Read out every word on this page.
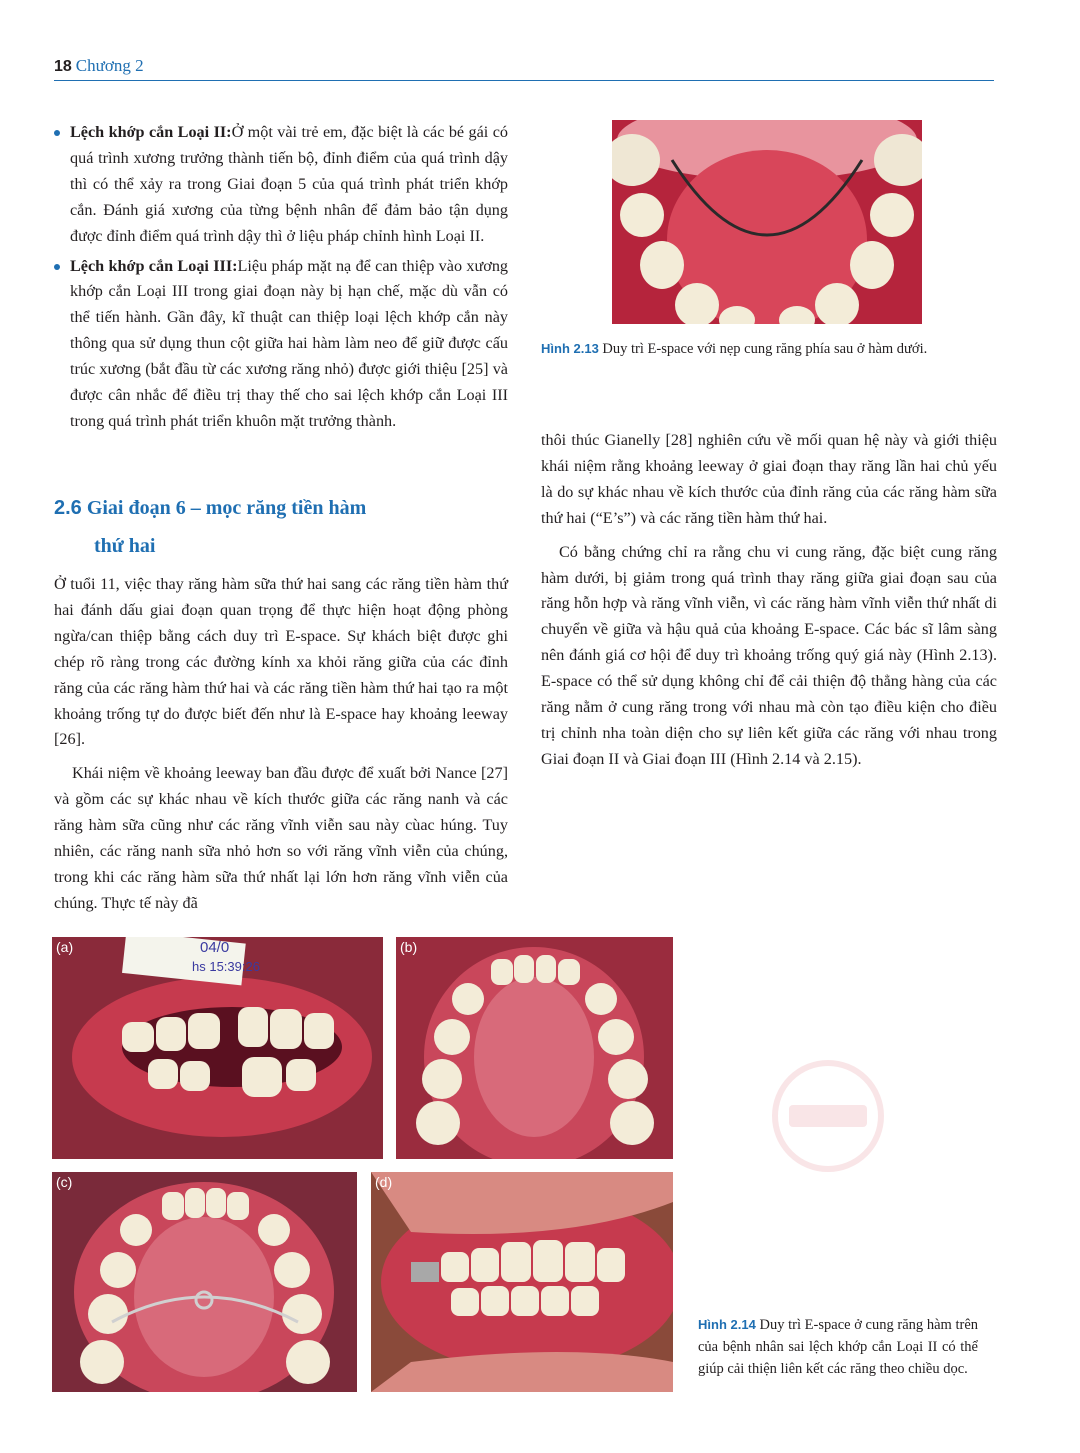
18 Chương 2
Lệch khớp cắn Loại II:Ở một vài trẻ em, đặc biệt là các bé gái có quá trình xương trưởng thành tiến bộ, đỉnh điểm của quá trình dậy thì có thể xảy ra trong Giai đoạn 5 của quá trình phát triển khớp cắn. Đánh giá xương của từng bệnh nhân để đảm bảo tận dụng được đỉnh điểm quá trình dậy thì ở liệu pháp chỉnh hình Loại II.
Lệch khớp cắn Loại III:Liệu pháp mặt nạ để can thiệp vào xương khớp cắn Loại III trong giai đoạn này bị hạn chế, mặc dù vẫn có thể tiến hành. Gần đây, kĩ thuật can thiệp loại lệch khớp cắn này thông qua sử dụng thun cột giữa hai hàm làm neo để giữ được cấu trúc xương (bắt đầu từ các xương răng nhỏ) được giới thiệu [25] và được cân nhắc để điều trị thay thế cho sai lệch khớp cắn Loại III trong quá trình phát triển khuôn mặt trưởng thành.
2.6 Giai đoạn 6 – mọc răng tiền hàm
thứ hai

Ở tuổi 11, việc thay răng hàm sữa thứ hai sang các răng tiền hàm thứ hai đánh dấu giai đoạn quan trọng để thực hiện hoạt động phòng ngừa/can thiệp bằng cách duy trì E-space. Sự khách biệt được ghi chép rõ ràng trong các đường kính xa khỏi răng giữa của các đỉnh răng của các răng hàm thứ hai và các răng tiền hàm thứ hai tạo ra một khoảng trống tự do được biết đến như là E-space hay khoảng leeway [26].

Khái niệm về khoảng leeway ban đầu được để xuất bởi Nance [27] và gồm các sự khác nhau về kích thước giữa các răng nanh và các răng hàm sữa cũng như các răng vĩnh viễn sau này cùac húng. Tuy nhiên, các răng nanh sữa nhỏ hơn so với răng vĩnh viễn của chúng, trong khi các răng hàm sữa thứ nhất lại lớn hơn răng vĩnh viễn của chúng. Thực tế này đã

Hình 2.13 Duy trì E-space với nẹp cung răng phía sau ở hàm dưới.

thôi thúc Gianelly [28] nghiên cứu về mối quan hệ này và giới thiệu khái niệm rằng khoảng leeway ở giai đoạn thay răng lần hai chủ yếu là do sự khác nhau về kích thước của đỉnh răng của các răng hàm sữa thứ hai (“E’s”) và các răng tiền hàm thứ hai.

Có bằng chứng chỉ ra rằng chu vi cung răng, đặc biệt cung răng hàm dưới, bị giảm trong quá trình thay răng giữa giai đoạn sau của răng hỗn hợp và răng vĩnh viễn, vì các răng hàm vĩnh viễn thứ nhất di chuyển về giữa và hậu quả của khoảng E-space. Các bác sĩ lâm sàng nên đánh giá cơ hội để duy trì khoảng trống quý giá này (Hình 2.13). E-space có thể sử dụng không chỉ để cải thiện độ thẳng hàng của các răng nằm ở cung răng trong với nhau mà còn tạo điều kiện cho điều trị chỉnh nha toàn diện cho sự liên kết giữa các răng với nhau trong Giai đoạn II và Giai đoạn III (Hình 2.14 và 2.15).

(a)	04/0
hs 15:39:26
(b)
(c)	(d)
Hình 2.14 Duy trì E-space ở cung răng hàm trên của bệnh nhân sai lệch khớp cắn Loại II có thể giúp cải thiện liên kết các răng theo chiều dọc.
